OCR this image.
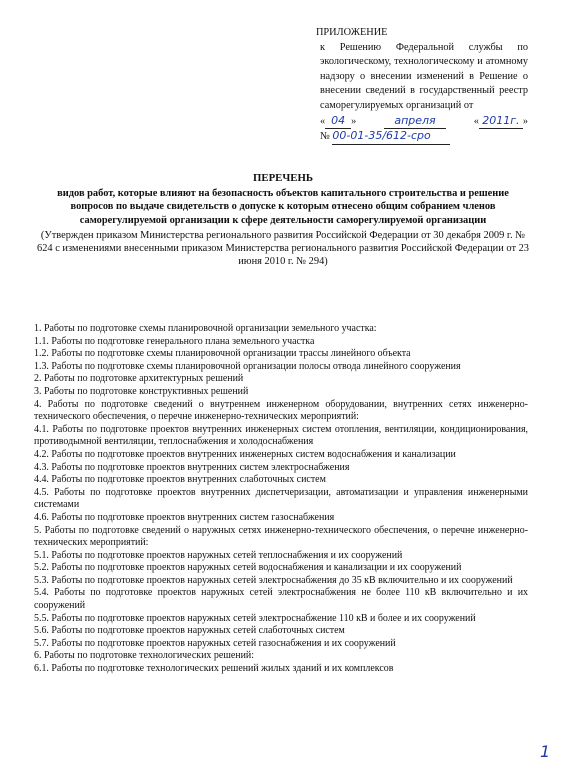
ПРИЛОЖЕНИЕ
к Решению Федеральной службы по экологическому, технологическому и атомному надзору о внесении изменений в Решение о внесении сведений в государственный реестр саморегулируемых организаций от
« 04 »	апреля	« 2011г. »
№ 00-01-35/612-срo
ПЕРЕЧЕНЬ
видов работ, которые влияют на безопасность объектов капитального строительства и решение вопросов по выдаче свидетельств о допуске к которым отнесено общим собранием членов саморегулируемой организации к сфере деятельности саморегулируемой организации
(Утвержден приказом Министерства регионального развития Российской Федерации от 30 декабря 2009 г. № 624 с изменениями внесенными приказом Министерства регионального развития Российской Федерации от 23 июня 2010 г. № 294)
1. Работы по подготовке схемы планировочной организации земельного участка:
1.1. Работы по подготовке генерального плана земельного участка
1.2. Работы по подготовке схемы планировочной организации трассы линейного объекта
1.3. Работы по подготовке схемы планировочной организации полосы отвода линейного сооружения
2. Работы по подготовке архитектурных решений
3. Работы по подготовке конструктивных решений
4. Работы по подготовке сведений о внутреннем инженерном оборудовании, внутренних сетях инженерно-технического обеспечения, о перечне инженерно-технических мероприятий:
4.1. Работы по подготовке проектов внутренних инженерных систем отопления, вентиляции, кондиционирования, противодымной вентиляции, теплоснабжения и холодоснабжения
4.2. Работы по подготовке проектов внутренних инженерных систем водоснабжения и канализации
4.3. Работы по подготовке проектов внутренних систем электроснабжения
4.4. Работы по подготовке проектов внутренних слаботочных систем
4.5. Работы по подготовке проектов внутренних диспетчеризации, автоматизации и управления инженерными системами
4.6. Работы по подготовке проектов внутренних систем газоснабжения
5. Работы по подготовке сведений о наружных сетях инженерно-технического обеспечения, о перечне инженерно-технических мероприятий:
5.1. Работы по подготовке проектов наружных сетей теплоснабжения и их сооружений
5.2. Работы по подготовке проектов наружных сетей водоснабжения и канализации и их сооружений
5.3. Работы по подготовке проектов наружных сетей электроснабжения до 35 кВ включительно и их сооружений
5.4. Работы по подготовке проектов наружных сетей электроснабжения не более 110 кВ включительно и их сооружений
5.5. Работы по подготовке проектов наружных сетей электроснабжение 110 кВ и более и их сооружений
5.6. Работы по подготовке проектов наружных сетей слаботочных систем
5.7. Работы по подготовке проектов наружных сетей газоснабжения и их сооружений
6. Работы по подготовке технологических решений:
6.1. Работы по подготовке технологических решений жилых зданий и их комплексов
1
